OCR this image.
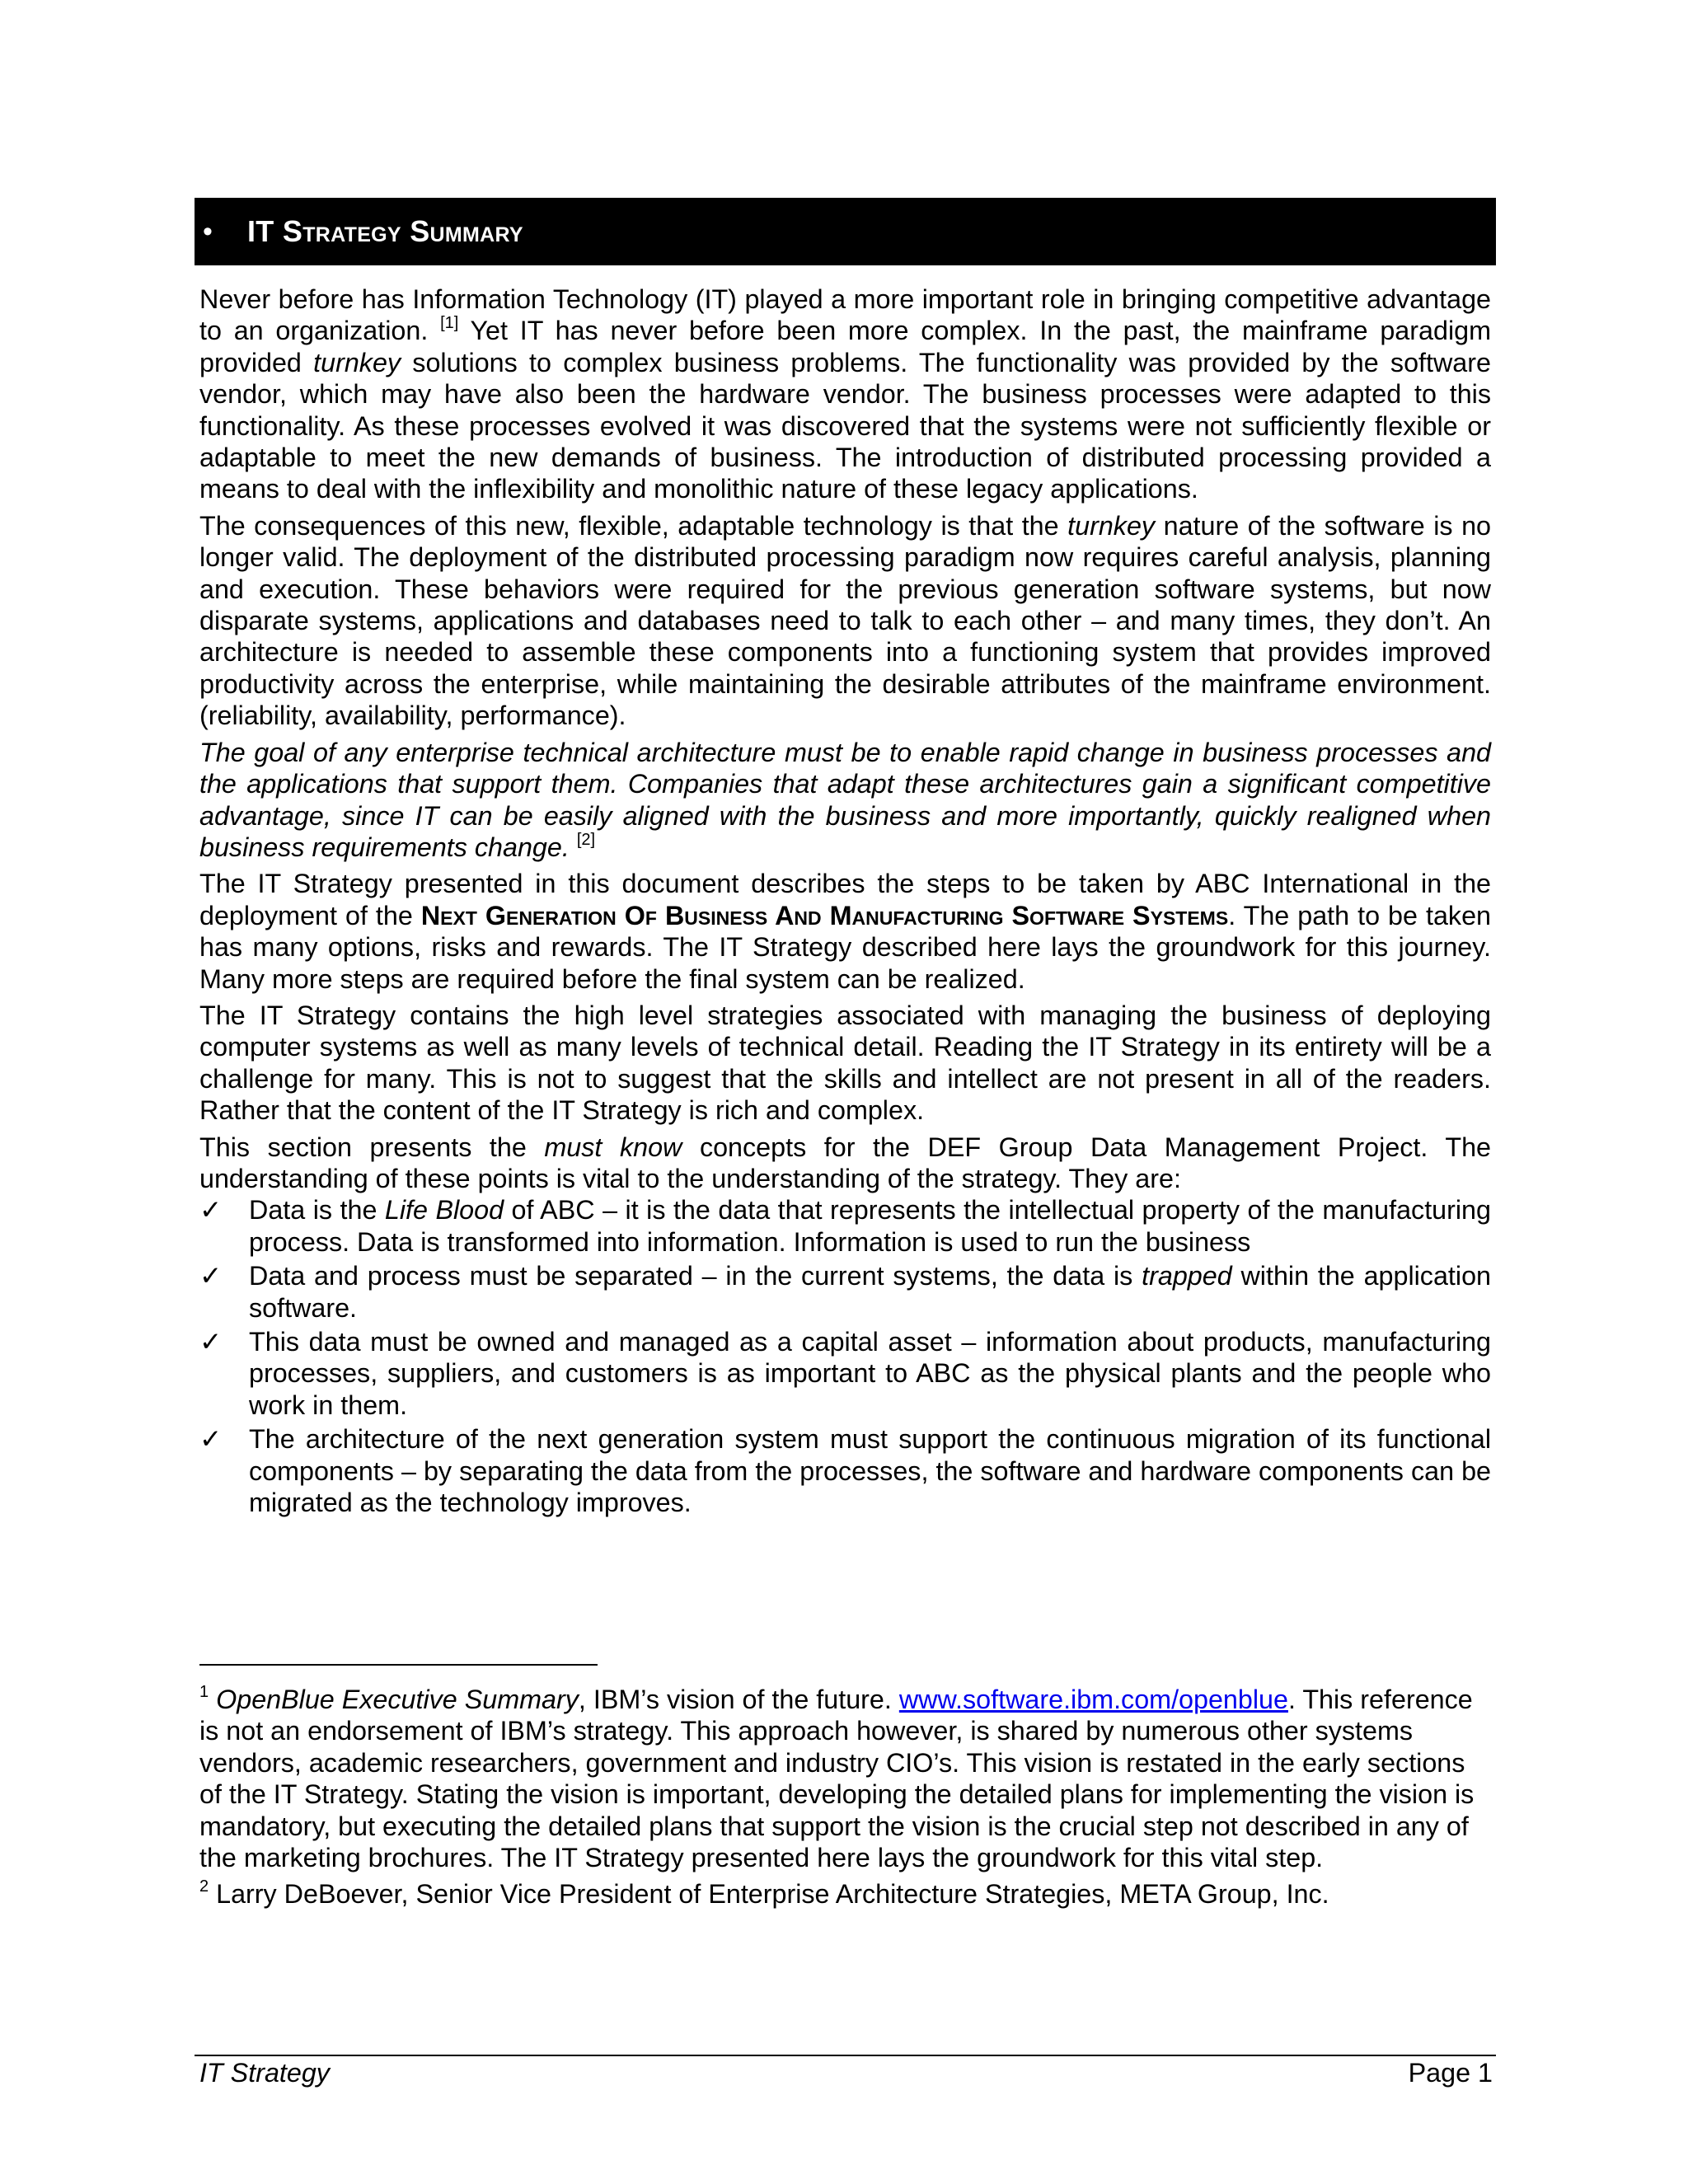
• IT Strategy Summary

Never before has Information Technology (IT) played a more important role in bringing competitive advantage to an organization. [1] Yet IT has never before been more complex. In the past, the mainframe paradigm provided turnkey solutions to complex business problems. The functionality was provided by the software vendor, which may have also been the hardware vendor. The business processes were adapted to this functionality. As these processes evolved it was discovered that the systems were not sufficiently flexible or adaptable to meet the new demands of business. The introduction of distributed processing provided a means to deal with the inflexibility and monolithic nature of these legacy applications.

The consequences of this new, flexible, adaptable technology is that the turnkey nature of the software is no longer valid. The deployment of the distributed processing paradigm now requires careful analysis, planning and execution. These behaviors were required for the previous generation software systems, but now disparate systems, applications and databases need to talk to each other – and many times, they don’t. An architecture is needed to assemble these components into a functioning system that provides improved productivity across the enterprise, while maintaining the desirable attributes of the mainframe environment. (reliability, availability, performance).

The goal of any enterprise technical architecture must be to enable rapid change in business processes and the applications that support them. Companies that adapt these architectures gain a significant competitive advantage, since IT can be easily aligned with the business and more importantly, quickly realigned when business requirements change. [2]

The IT Strategy presented in this document describes the steps to be taken by ABC International in the deployment of the Next Generation Of Business And Manufacturing Software Systems. The path to be taken has many options, risks and rewards. The IT Strategy described here lays the groundwork for this journey. Many more steps are required before the final system can be realized.

The IT Strategy contains the high level strategies associated with managing the business of deploying computer systems as well as many levels of technical detail. Reading the IT Strategy in its entirety will be a challenge for many. This is not to suggest that the skills and intellect are not present in all of the readers. Rather that the content of the IT Strategy is rich and complex.

This section presents the must know concepts for the DEF Group Data Management Project. The understanding of these points is vital to the understanding of the strategy. They are:

✓ Data is the Life Blood of ABC – it is the data that represents the intellectual property of the manufacturing process. Data is transformed into information. Information is used to run the business
✓ Data and process must be separated – in the current systems, the data is trapped within the application software.
✓ This data must be owned and managed as a capital asset – information about products, manufacturing processes, suppliers, and customers is as important to ABC as the physical plants and the people who work in them.
✓ The architecture of the next generation system must support the continuous migration of its functional components – by separating the data from the processes, the software and hardware components can be migrated as the technology improves.

$^1$ OpenBlue Executive Summary, IBM’s vision of the future. www.software.ibm.com/openblue. This reference is not an endorsement of IBM’s strategy. This approach however, is shared by numerous other systems vendors, academic researchers, government and industry CIO’s. This vision is restated in the early sections of the IT Strategy. Stating the vision is important, developing the detailed plans for implementing the vision is mandatory, but executing the detailed plans that support the vision is the crucial step not described in any of the marketing brochures. The IT Strategy presented here lays the groundwork for this vital step.

$^2$ Larry DeBoever, Senior Vice President of Enterprise Architecture Strategies, META Group, Inc.

IT Strategy	Page 1
